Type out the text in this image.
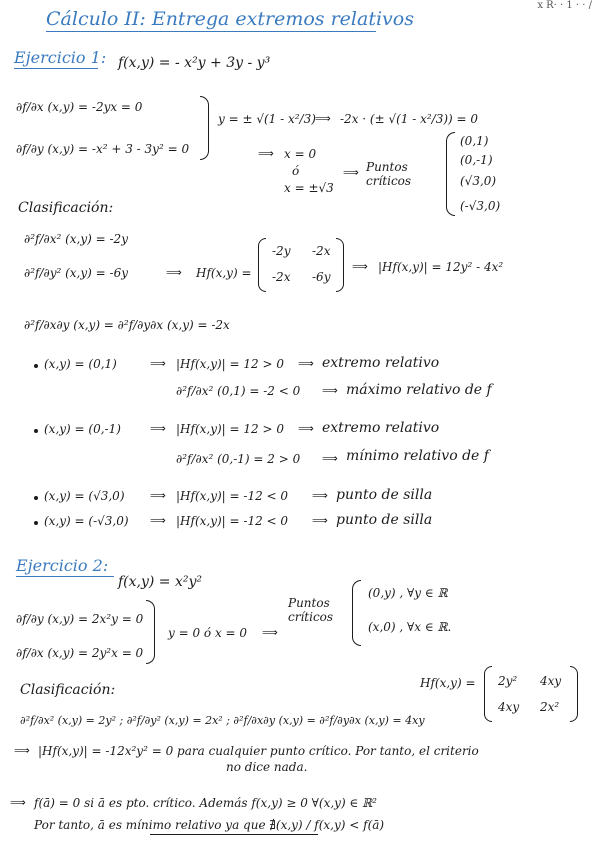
x R· · 1 · · /
Cálculo II: Entrega extremos relativos
Ejercicio 1: f(x,y) = - x²y + 3y - y³
∂f/∂x (x,y) = -2yx = 0
∂f/∂y (x,y) = -x² + 3 - 3y² = 0
y = ± √(1 - x²/3) ⟹ -2x · (± √(1 - x²/3)) = 0
⟹ x = 0
ó
x = ±√3
⟹ Puntos críticos
(0,1)
(0,-1)
(√3,0)
(-√3,0)
Clasificación:
∂²f/∂x² (x,y) = -2y
∂²f/∂y² (x,y) = -6y	⟹ Hf(x,y) =
-2y -2x
-2x -6y
⟹ |Hf(x,y)| = 12y² - 4x²
∂²f/∂x∂y (x,y) = ∂²f/∂y∂x (x,y) = -2x
(x,y) = (0,1)	⟹ |Hf(x,y)| = 12 > 0 ⟹ extremo relativo
∂²f/∂x² (0,1) = -2 < 0 ⟹ máximo relativo de f
(x,y) = (0,-1)	⟹ |Hf(x,y)| = 12 > 0 ⟹ extremo relativo
∂²f/∂x² (0,-1) = 2 > 0 ⟹ mínimo relativo de f
(x,y) = (√3,0) ⟹ |Hf(x,y)| = -12 < 0 ⟹ punto de silla
(x,y) = (-√3,0) ⟹ |Hf(x,y)| = -12 < 0 ⟹ punto de silla
Ejercicio 2:
f(x,y) = x²y²
∂f/∂y (x,y) = 2x²y = 0
∂f/∂x (x,y) = 2y²x = 0
y = 0 ó x = 0 ⟹
Puntos críticos
(0,y) , ∀y ∈ ℝ
(x,0) , ∀x ∈ ℝ.
Clasificación:
∂²f/∂x² (x,y) = 2y² ; ∂²f/∂y² (x,y) = 2x² ; ∂²f/∂x∂y (x,y) = ∂²f/∂y∂x (x,y) = 4xy
Hf(x,y) = 2y² 4xy
4xy 2x²
⟹ |Hf(x,y)| = -12x²y² = 0 para cualquier punto crítico. Por tanto, el criterio
no dice nada.
⟹ f(ā) = 0 si ā es pto. crítico. Además f(x,y) ≥ 0 ∀(x,y) ∈ ℝ²
Por tanto, ā es mínimo relativo ya que ∄(x,y) / f(x,y) < f(ā)
